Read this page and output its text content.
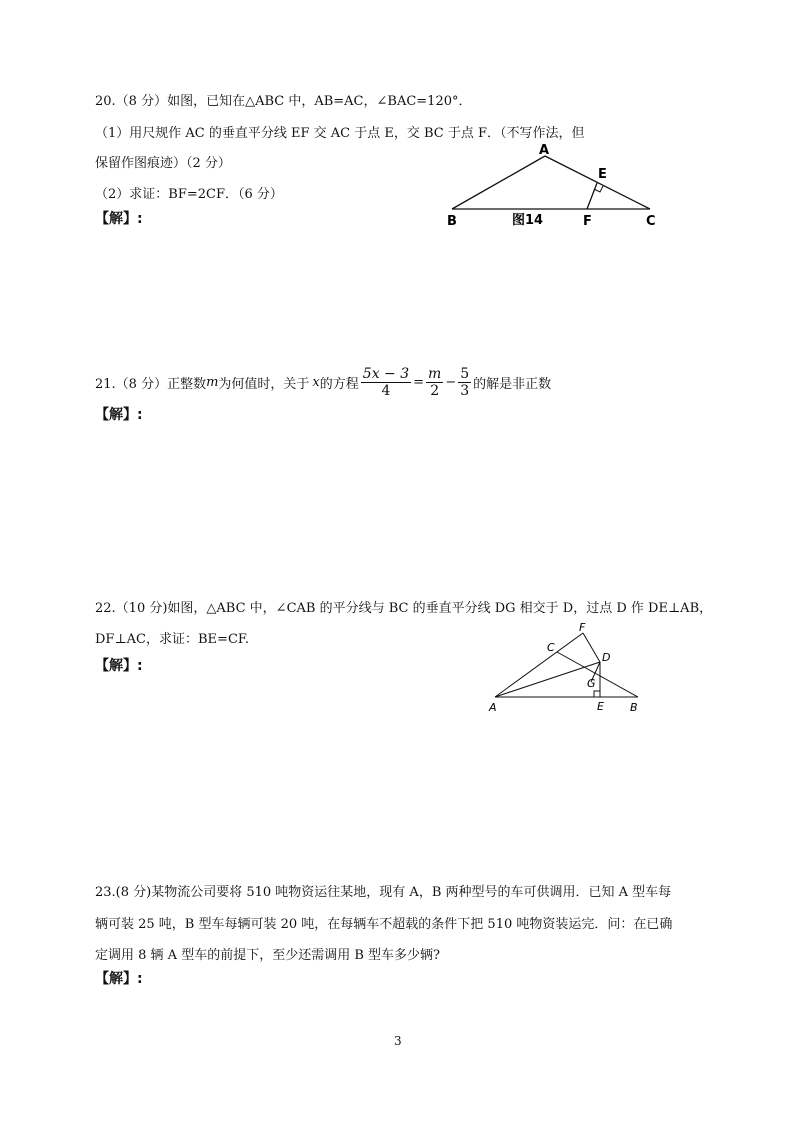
20.（8 分）如图，已知在△ABC 中，AB=AC，∠BAC=120°．
（1）用尺规作 AC 的垂直平分线 EF 交 AC 于点 E，交 BC 于点 F．（不写作法，但
保留作图痕迹）（2 分）
（2）求证：BF=2CF．（6 分）
【解】:
A
B	C
E
F
图14
21.（8 分）正整数 m 为何值时，关于 x 的方程 $\frac{5x - 3}{4} = \frac{m}{2} - \frac{5}{3}$ 的解是非正数
【解】:
22.（10 分)如图，△ABC 中，∠CAB 的平分线与 BC 的垂直平分线 DG 相交于 D，过点 D 作 DE⊥AB，
DF⊥AC，求证：BE=CF.
【解】:
A	B
C
D
E
F
G
23.(8 分)某物流公司要将 510 吨物资运往某地，现有 A，B 两种型号的车可供调用．已知 A 型车每
辆可装 25 吨，B 型车每辆可装 20 吨，在每辆车不超载的条件下把 510 吨物资装运完．问：在已确
定调用 8 辆 A 型车的前提下，至少还需调用 B 型车多少辆?
【解】:
3
